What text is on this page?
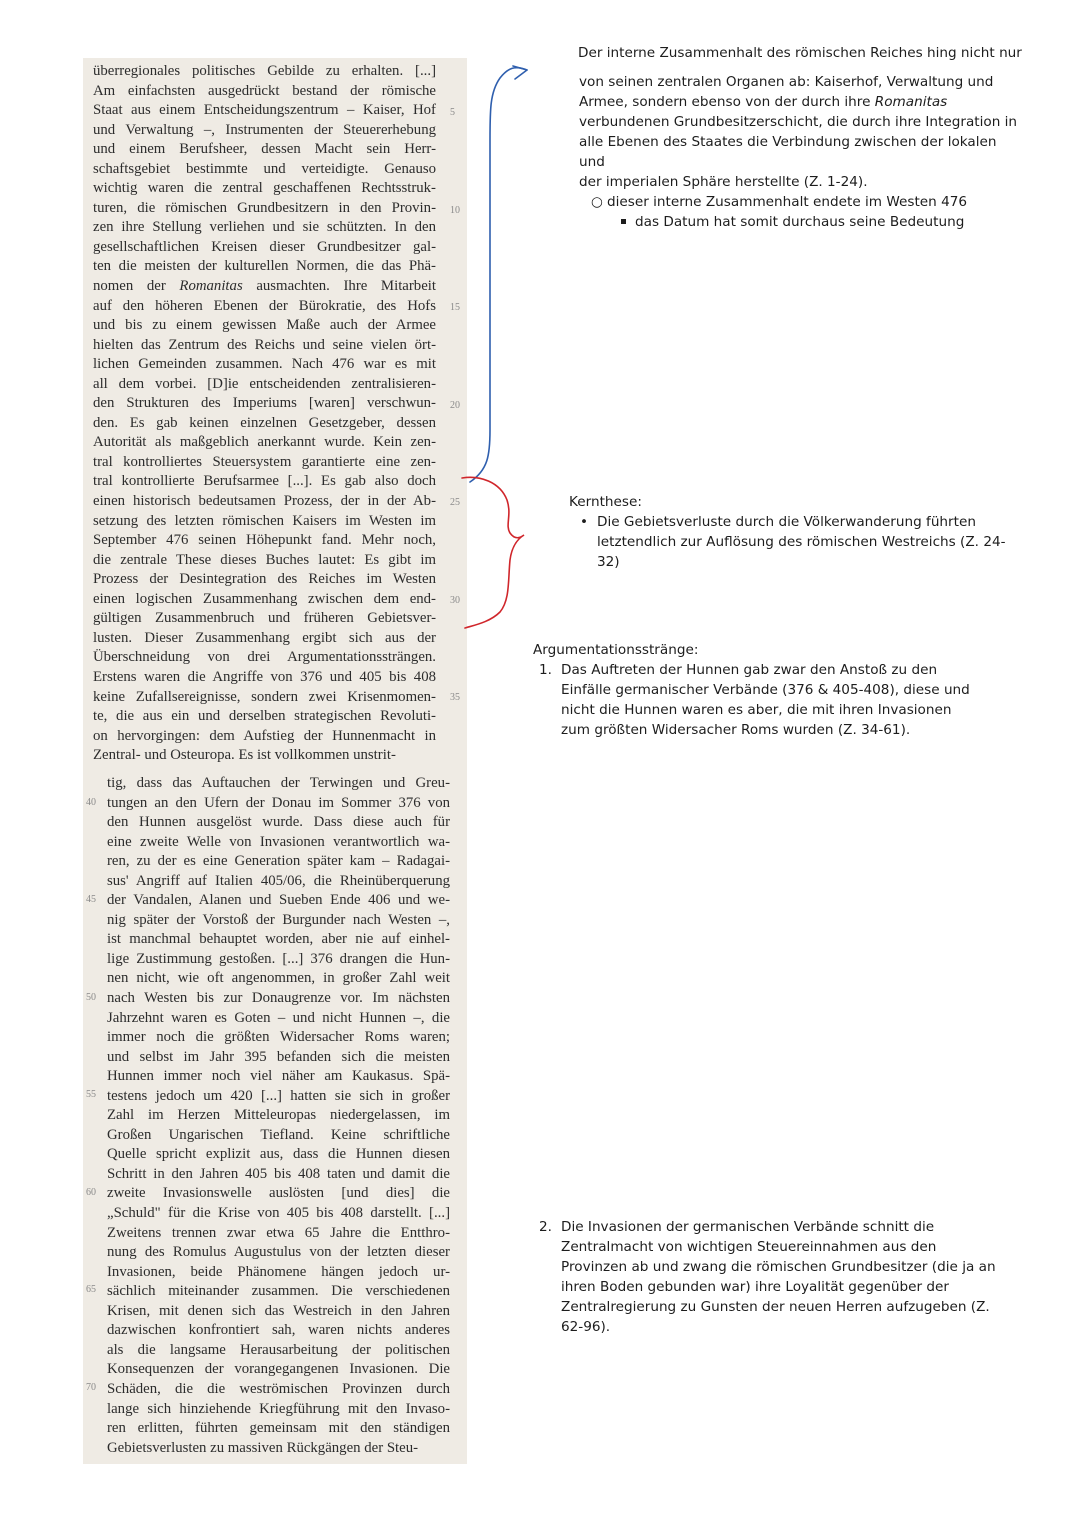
überregionales politisches Gebilde zu erhalten. [...]
Am einfachsten ausgedrückt bestand der römische
Staat aus einem Entscheidungszentrum – Kaiser, Hof
und Verwaltung –, Instrumenten der Steuererhebung
und einem Berufsheer, dessen Macht sein Herr-
schaftsgebiet bestimmte und verteidigte. Genauso
wichtig waren die zentral geschaffenen Rechtsstruk-
turen, die römischen Grundbesitzern in den Provin-
zen ihre Stellung verliehen und sie schützten. In den
gesellschaftlichen Kreisen dieser Grundbesitzer gal-
ten die meisten der kulturellen Normen, die das Phä-
nomen der Romanitas ausmachten. Ihre Mitarbeit
auf den höheren Ebenen der Bürokratie, des Hofs
und bis zu einem gewissen Maße auch der Armee
hielten das Zentrum des Reichs und seine vielen ört-
lichen Gemeinden zusammen. Nach 476 war es mit
all dem vorbei. [D]ie entscheidenden zentralisieren-
den Strukturen des Imperiums [waren] verschwun-
den. Es gab keinen einzelnen Gesetzgeber, dessen
Autorität als maßgeblich anerkannt wurde. Kein zen-
tral kontrolliertes Steuersystem garantierte eine zen-
tral kontrollierte Berufsarmee [...]. Es gab also doch
einen historisch bedeutsamen Prozess, der in der Ab-
setzung des letzten römischen Kaisers im Westen im
September 476 seinen Höhepunkt fand. Mehr noch,
die zentrale These dieses Buches lautet: Es gibt im
Prozess der Desintegration des Reiches im Westen
einen logischen Zusammenhang zwischen dem end-
gültigen Zusammenbruch und früheren Gebietsver-
lusten. Dieser Zusammenhang ergibt sich aus der
Überschneidung von drei Argumentationssträngen.
Erstens waren die Angriffe von 376 und 405 bis 408
keine Zufallsereignisse, sondern zwei Krisenmomen-
te, die aus ein und derselben strategischen Revoluti-
on hervorgingen: dem Aufstieg der Hunnenmacht in
Zentral- und Osteuropa. Es ist vollkommen unstrit-
tig, dass das Auftauchen der Terwingen und Greu-
tungen an den Ufern der Donau im Sommer 376 von
den Hunnen ausgelöst wurde. Dass diese auch für
eine zweite Welle von Invasionen verantwortlich wa-
ren, zu der es eine Generation später kam – Radagai-
sus' Angriff auf Italien 405/06, die Rheinüberquerung
der Vandalen, Alanen und Sueben Ende 406 und we-
nig später der Vorstoß der Burgunder nach Westen –,
ist manchmal behauptet worden, aber nie auf einhel-
lige Zustimmung gestoßen. [...] 376 drangen die Hun-
nen nicht, wie oft angenommen, in großer Zahl weit
nach Westen bis zur Donaugrenze vor. Im nächsten
Jahrzehnt waren es Goten – und nicht Hunnen –, die
immer noch die größten Widersacher Roms waren;
und selbst im Jahr 395 befanden sich die meisten
Hunnen immer noch viel näher am Kaukasus. Spä-
testens jedoch um 420 [...] hatten sie sich in großer
Zahl im Herzen Mitteleuropas niedergelassen, im
Großen Ungarischen Tiefland. Keine schriftliche
Quelle spricht explizit aus, dass die Hunnen diesen
Schritt in den Jahren 405 bis 408 taten und damit die
zweite Invasionswelle auslösten [und dies] die
„Schuld" für die Krise von 405 bis 408 darstellt. [...]
Zweitens trennen zwar etwa 65 Jahre die Entthro-
nung des Romulus Augustulus von der letzten dieser
Invasionen, beide Phänomene hängen jedoch ur-
sächlich miteinander zusammen. Die verschiedenen
Krisen, mit denen sich das Westreich in den Jahren
dazwischen konfrontiert sah, waren nichts anderes
als die langsame Herausarbeitung der politischen
Konsequenzen der vorangegangenen Invasionen. Die
Schäden, die die weströmischen Provinzen durch
lange sich hinziehende Kriegführung mit den Invaso-
ren erlitten, führten gemeinsam mit den ständigen
Gebietsverlusten zu massiven Rückgängen der Steu-
5
10
15
20
25
30
35
40
45
50
55
60
65
70
Der interne Zusammenhalt des römischen Reiches hing nicht nur

von seinen zentralen Organen ab: Kaiserhof, Verwaltung und

Armee, sondern ebenso von der durch ihre Romanitas

verbundenen Grundbesitzerschicht, die durch ihre Integration in

alle Ebenen des Staates die Verbindung zwischen der lokalen und

der imperialen Sphäre herstellte (Z. 1-24).

○ dieser interne Zusammenhalt endete im Westen 476
das Datum hat somit durchaus seine Bedeutung

Kernthese:

• Die Gebietsverluste durch die Völkerwanderung führten letztendlich zur Auflösung des römischen Westreichs (Z. 24-32)

Argumentationsstränge:

1. Das Auftreten der Hunnen gab zwar den Anstoß zu den Einfälle germanischer Verbände (376 & 405-408), diese und nicht die Hunnen waren es aber, die mit ihren Invasionen zum größten Widersacher Roms wurden (Z. 34-61).
2. Die Invasionen der germanischen Verbände schnitt die Zentralmacht von wichtigen Steuereinnahmen aus den Provinzen ab und zwang die römischen Grundbesitzer (die ja an ihren Boden gebunden war) ihre Loyalität gegenüber der Zentralregierung zu Gunsten der neuen Herren aufzugeben (Z. 62-96).
